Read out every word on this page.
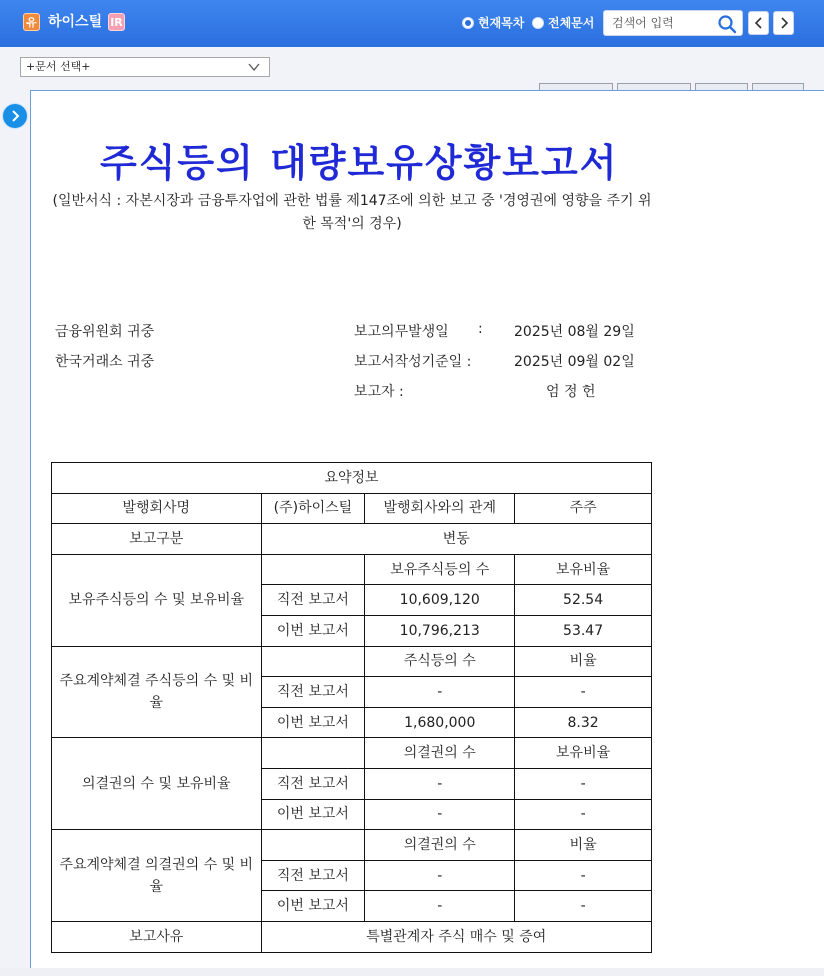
유 하이스틸 IR	현재목차 전체문서
검색어 입력
+문서 선택+
주식등의 대량보유상황보고서
(일반서식 : 자본시장과 금융투자업에 관한 법률 제147조에 의한 보고 중 '경영권에 영향을 주기 위한 목적'의 경우)
금융위원회 귀중
한국거래소 귀중
보고의무발생일 : 2025년 08월 29일
보고서작성기준일 :	2025년 09월 02일
보고자 :	엄 정 헌
요약정보			
발행회사명	(주)하이스틸	발행회사와의 관계	주주
보고구분	변동		
보유주식등의 수 및 보유비율		보유주식등의 수	보유비율
	직전 보고서	10,609,120	52.54
	이번 보고서	10,796,213	53.47
주요계약체결 주식등의 수 및 비율		주식등의 수	비율
	직전 보고서	-	-
	이번 보고서	1,680,000	8.32
의결권의 수 및 보유비율		의결권의 수	보유비율
	직전 보고서	-	-
	이번 보고서	-	-
주요계약체결 의결권의 수 및 비율		의결권의 수	비율
	직전 보고서	-	-
	이번 보고서	-	-
보고사유	특별관계자 주식 매수 및 증여		
